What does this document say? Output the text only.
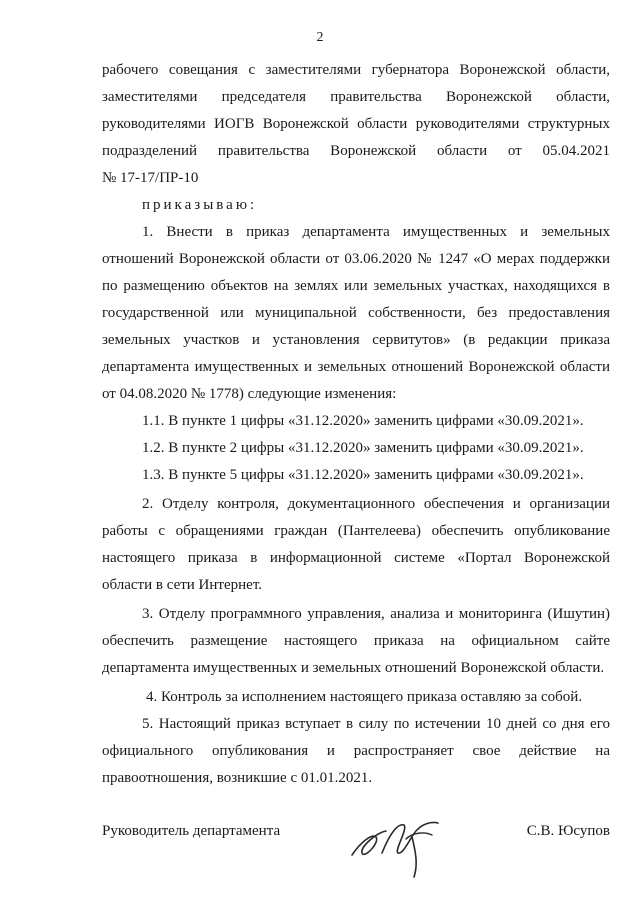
2

рабочего совещания с заместителями губернатора Воронежской области,

заместителями председателя правительства Воронежской области,

руководителями ИОГВ Воронежской области руководителями структурных

подразделений правительства Воронежской области от 05.04.2021

№ 17-17/ПР-10

приказываю:

1. Внести в приказ департамента имущественных и земельных отношений Воронежской области от 03.06.2020 № 1247 «О мерах поддержки по размещению объектов на землях или земельных участках, находящихся в государственной или муниципальной собственности, без предоставления земельных участков и установления сервитутов» (в редакции приказа департамента имущественных и земельных отношений Воронежской области от 04.08.2020 № 1778) следующие изменения:

1.1. В пункте 1 цифры «31.12.2020» заменить цифрами «30.09.2021».

1.2. В пункте 2 цифры «31.12.2020» заменить цифрами «30.09.2021».

1.3. В пункте 5 цифры «31.12.2020» заменить цифрами «30.09.2021».

2. Отделу контроля, документационного обеспечения и организации работы с обращениями граждан (Пантелеева) обеспечить опубликование настоящего приказа в информационной системе «Портал Воронежской области в сети Интернет.

3. Отделу программного управления, анализа и мониторинга (Ишутин) обеспечить размещение настоящего приказа на официальном сайте департамента имущественных и земельных отношений Воронежской области.

4. Контроль за исполнением настоящего приказа оставляю за собой.

5. Настоящий приказ вступает в силу по истечении 10 дней со дня его официального опубликования и распространяет свое действие на правоотношения, возникшие с 01.01.2021.

Руководитель департамента	С.В. Юсупов
